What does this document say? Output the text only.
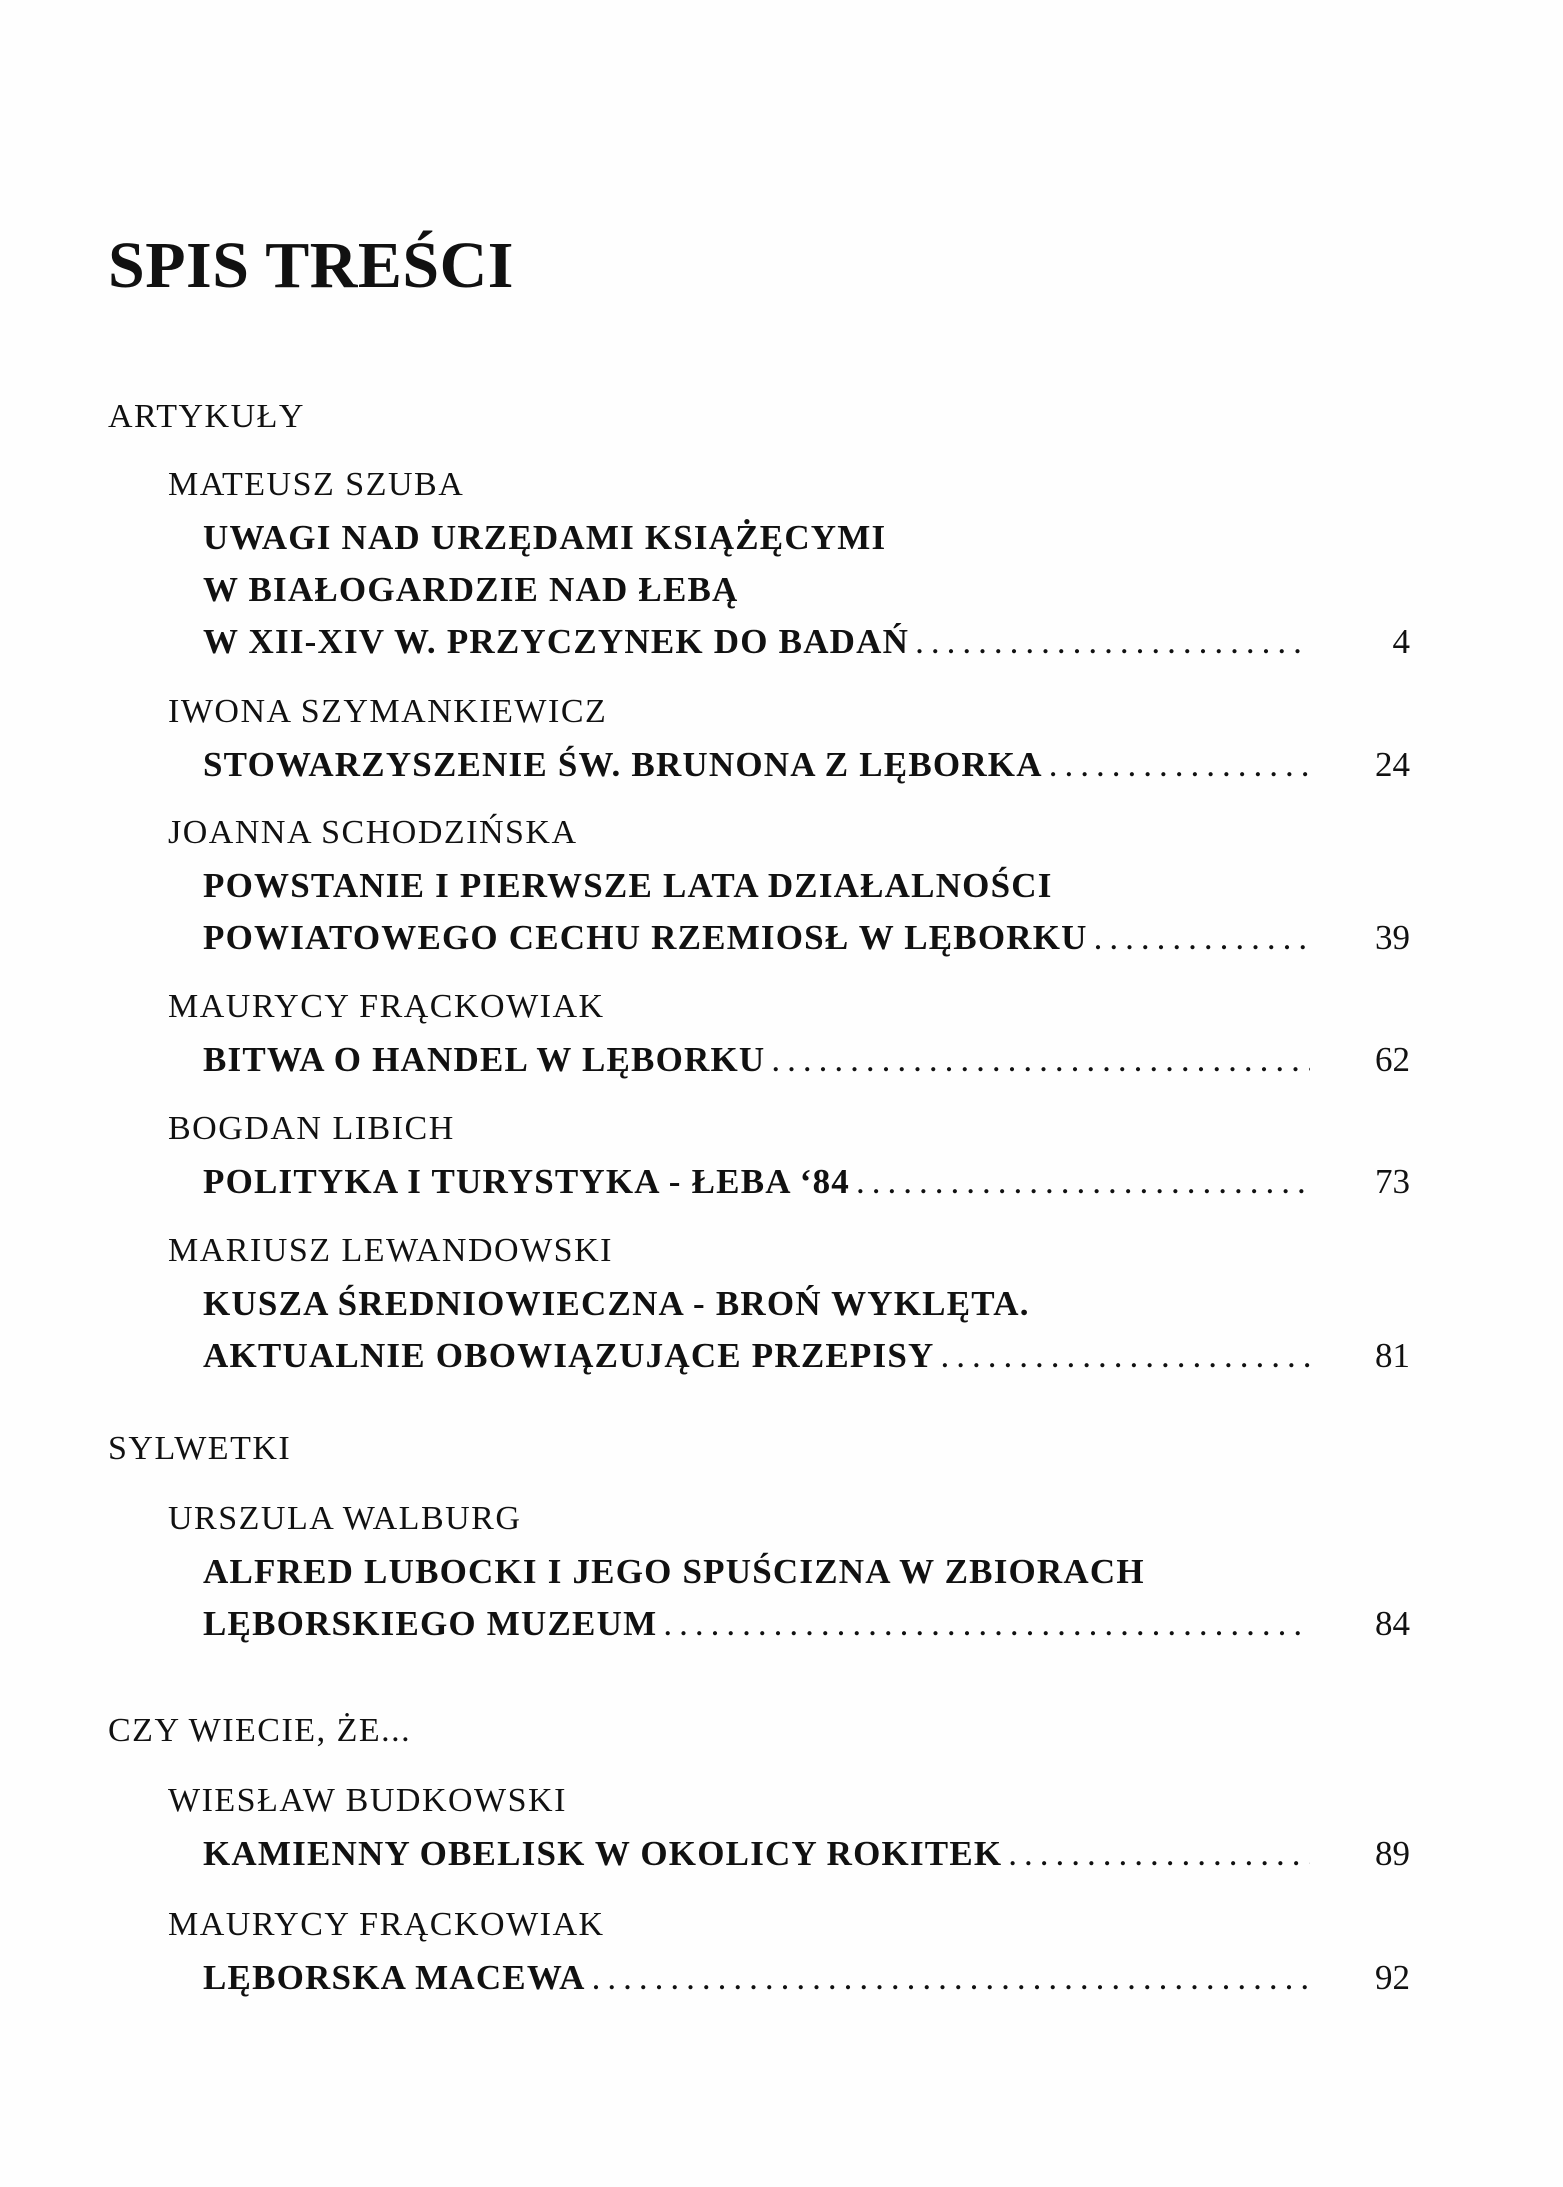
SPIS TREŚCI
ARTYKUŁY
MATEUSZ SZUBA
UWAGI NAD URZĘDAMI KSIĄŻĘCYMI
W BIAŁOGARDZIE NAD ŁEBĄ
W XII-XIV W. PRZYCZYNEK DO BADAŃ .....	4
IWONA SZYMANKIEWICZ
STOWARZYSZENIE ŚW. BRUNONA Z LĘBORKA .....	24
JOANNA SCHODZIŃSKA
POWSTANIE I PIERWSZE LATA DZIAŁALNOŚCI
POWIATOWEGO CECHU RZEMIOSŁ W LĘBORKU .....	39
MAURYCY FRĄCKOWIAK
BITWA O HANDEL W LĘBORKU .....	62
BOGDAN LIBICH
POLITYKA I TURYSTYKA - ŁEBA ‘84 .....	73
MARIUSZ LEWANDOWSKI
KUSZA ŚREDNIOWIECZNA - BROŃ WYKLĘTA.
AKTUALNIE OBOWIĄZUJĄCE PRZEPISY .....	81
SYLWETKI
URSZULA WALBURG
ALFRED LUBOCKI I JEGO SPUŚCIZNA W ZBIORACH
LĘBORSKIEGO MUZEUM .....	84
CZY WIECIE, ŻE...
WIESŁAW BUDKOWSKI
KAMIENNY OBELISK W OKOLICY ROKITEK .....	89
MAURYCY FRĄCKOWIAK
LĘBORSKA MACEWA .....	92
